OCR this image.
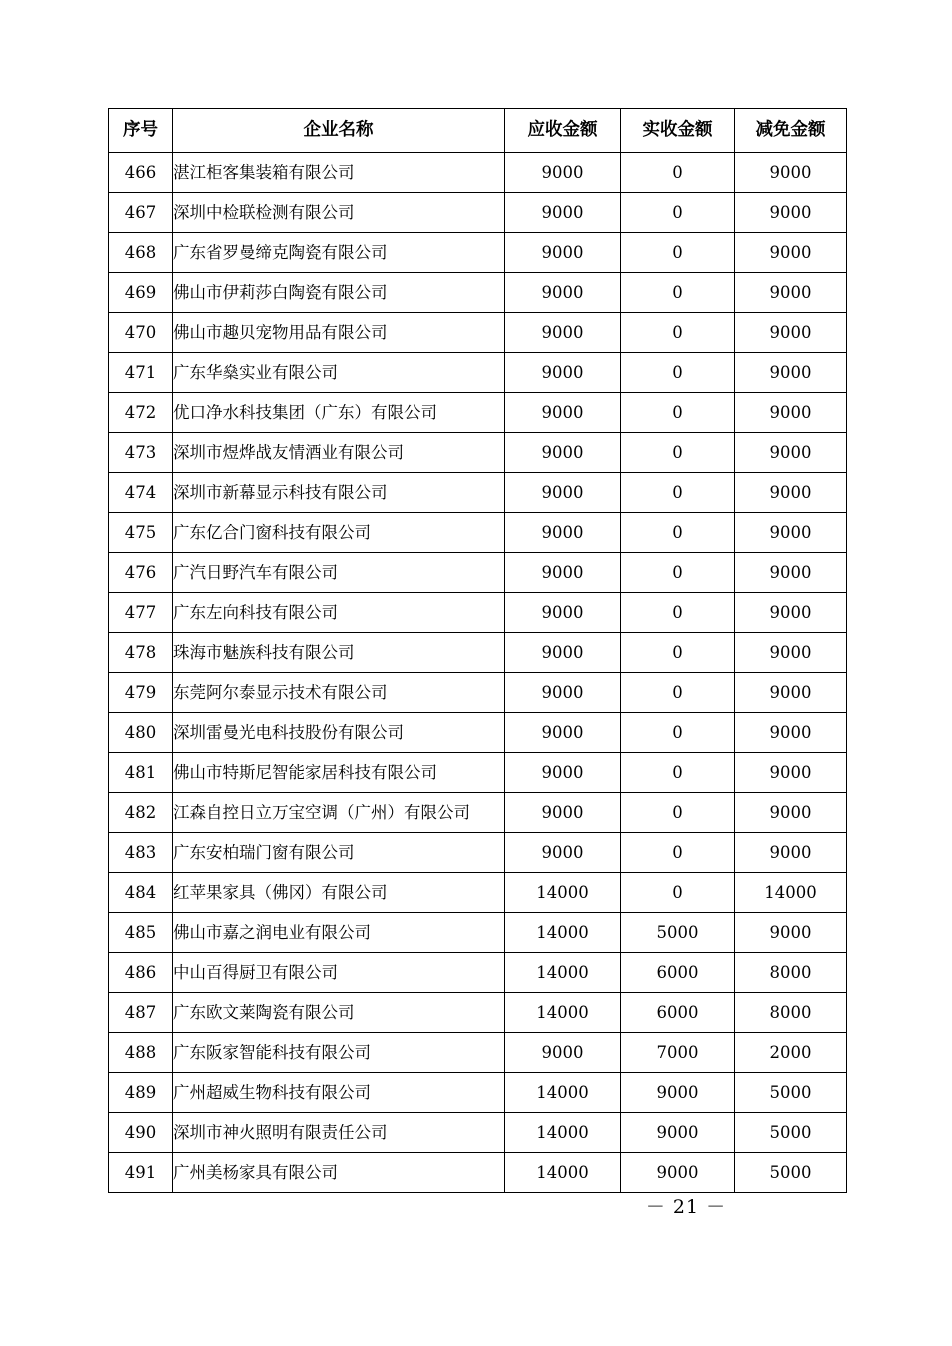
序号	企业名称	应收金额	实收金额	减免金额
466	湛江柜客集装箱有限公司	9000	0	9000
467	深圳中检联检测有限公司	9000	0	9000
468	广东省罗曼缔克陶瓷有限公司	9000	0	9000
469	佛山市伊莉莎白陶瓷有限公司	9000	0	9000
470	佛山市趣贝宠物用品有限公司	9000	0	9000
471	广东华燊实业有限公司	9000	0	9000
472	优口净水科技集团（广东）有限公司	9000	0	9000
473	深圳市煜烨战友情酒业有限公司	9000	0	9000
474	深圳市新幕显示科技有限公司	9000	0	9000
475	广东亿合门窗科技有限公司	9000	0	9000
476	广汽日野汽车有限公司	9000	0	9000
477	广东左向科技有限公司	9000	0	9000
478	珠海市魅族科技有限公司	9000	0	9000
479	东莞阿尔泰显示技术有限公司	9000	0	9000
480	深圳雷曼光电科技股份有限公司	9000	0	9000
481	佛山市特斯尼智能家居科技有限公司	9000	0	9000
482	江森自控日立万宝空调（广州）有限公司	9000	0	9000
483	广东安柏瑞门窗有限公司	9000	0	9000
484	红苹果家具（佛冈）有限公司	14000	0	14000
485	佛山市嘉之润电业有限公司	14000	5000	9000
486	中山百得厨卫有限公司	14000	6000	8000
487	广东欧文莱陶瓷有限公司	14000	6000	8000
488	广东阪家智能科技有限公司	9000	7000	2000
489	广州超威生物科技有限公司	14000	9000	5000
490	深圳市神火照明有限责任公司	14000	9000	5000
491	广州美杨家具有限公司	14000	9000	5000
－ 21 －
